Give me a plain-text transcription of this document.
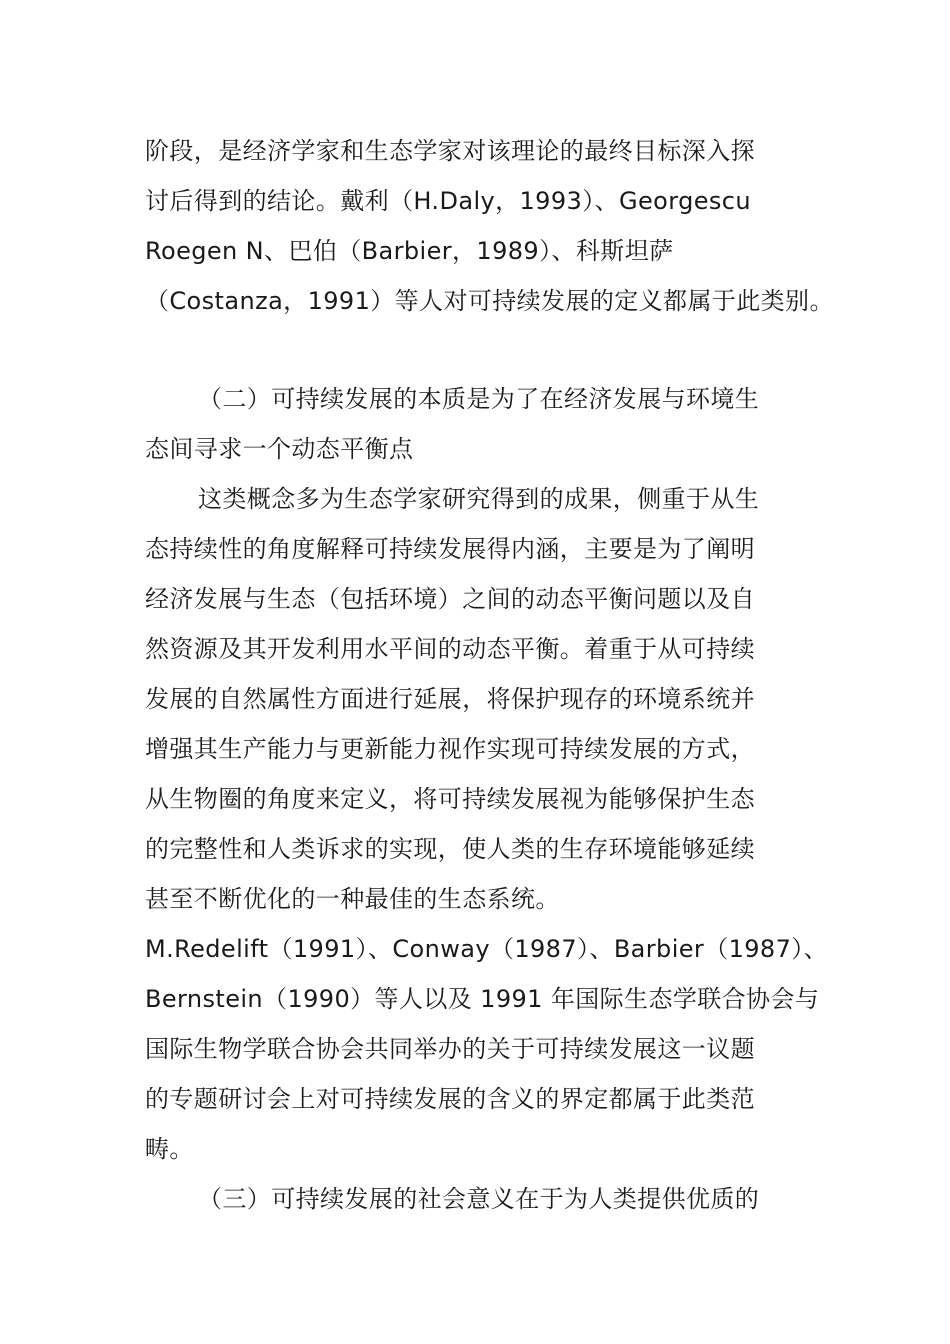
阶段，是经济学家和生态学家对该理论的最终目标深入探
讨后得到的结论。戴利（H.Daly，1993）、Georgescu
Roegen N、巴伯（Barbier，1989）、科斯坦萨
（Costanza，1991）等人对可持续发展的定义都属于此类别。
（二）可持续发展的本质是为了在经济发展与环境生
态间寻求一个动态平衡点
这类概念多为生态学家研究得到的成果，侧重于从生
态持续性的角度解释可持续发展得内涵，主要是为了阐明
经济发展与生态（包括环境）之间的动态平衡问题以及自
然资源及其开发利用水平间的动态平衡。着重于从可持续
发展的自然属性方面进行延展，将保护现存的环境系统并
增强其生产能力与更新能力视作实现可持续发展的方式，
从生物圈的角度来定义，将可持续发展视为能够保护生态
的完整性和人类诉求的实现，使人类的生存环境能够延续
甚至不断优化的一种最佳的生态系统。
M.Redelift（1991）、Conway（1987）、Barbier（1987）、
Bernstein（1990）等人以及 1991 年国际生态学联合协会与
国际生物学联合协会共同举办的关于可持续发展这一议题
的专题研讨会上对可持续发展的含义的界定都属于此类范
畴。
（三）可持续发展的社会意义在于为人类提供优质的
